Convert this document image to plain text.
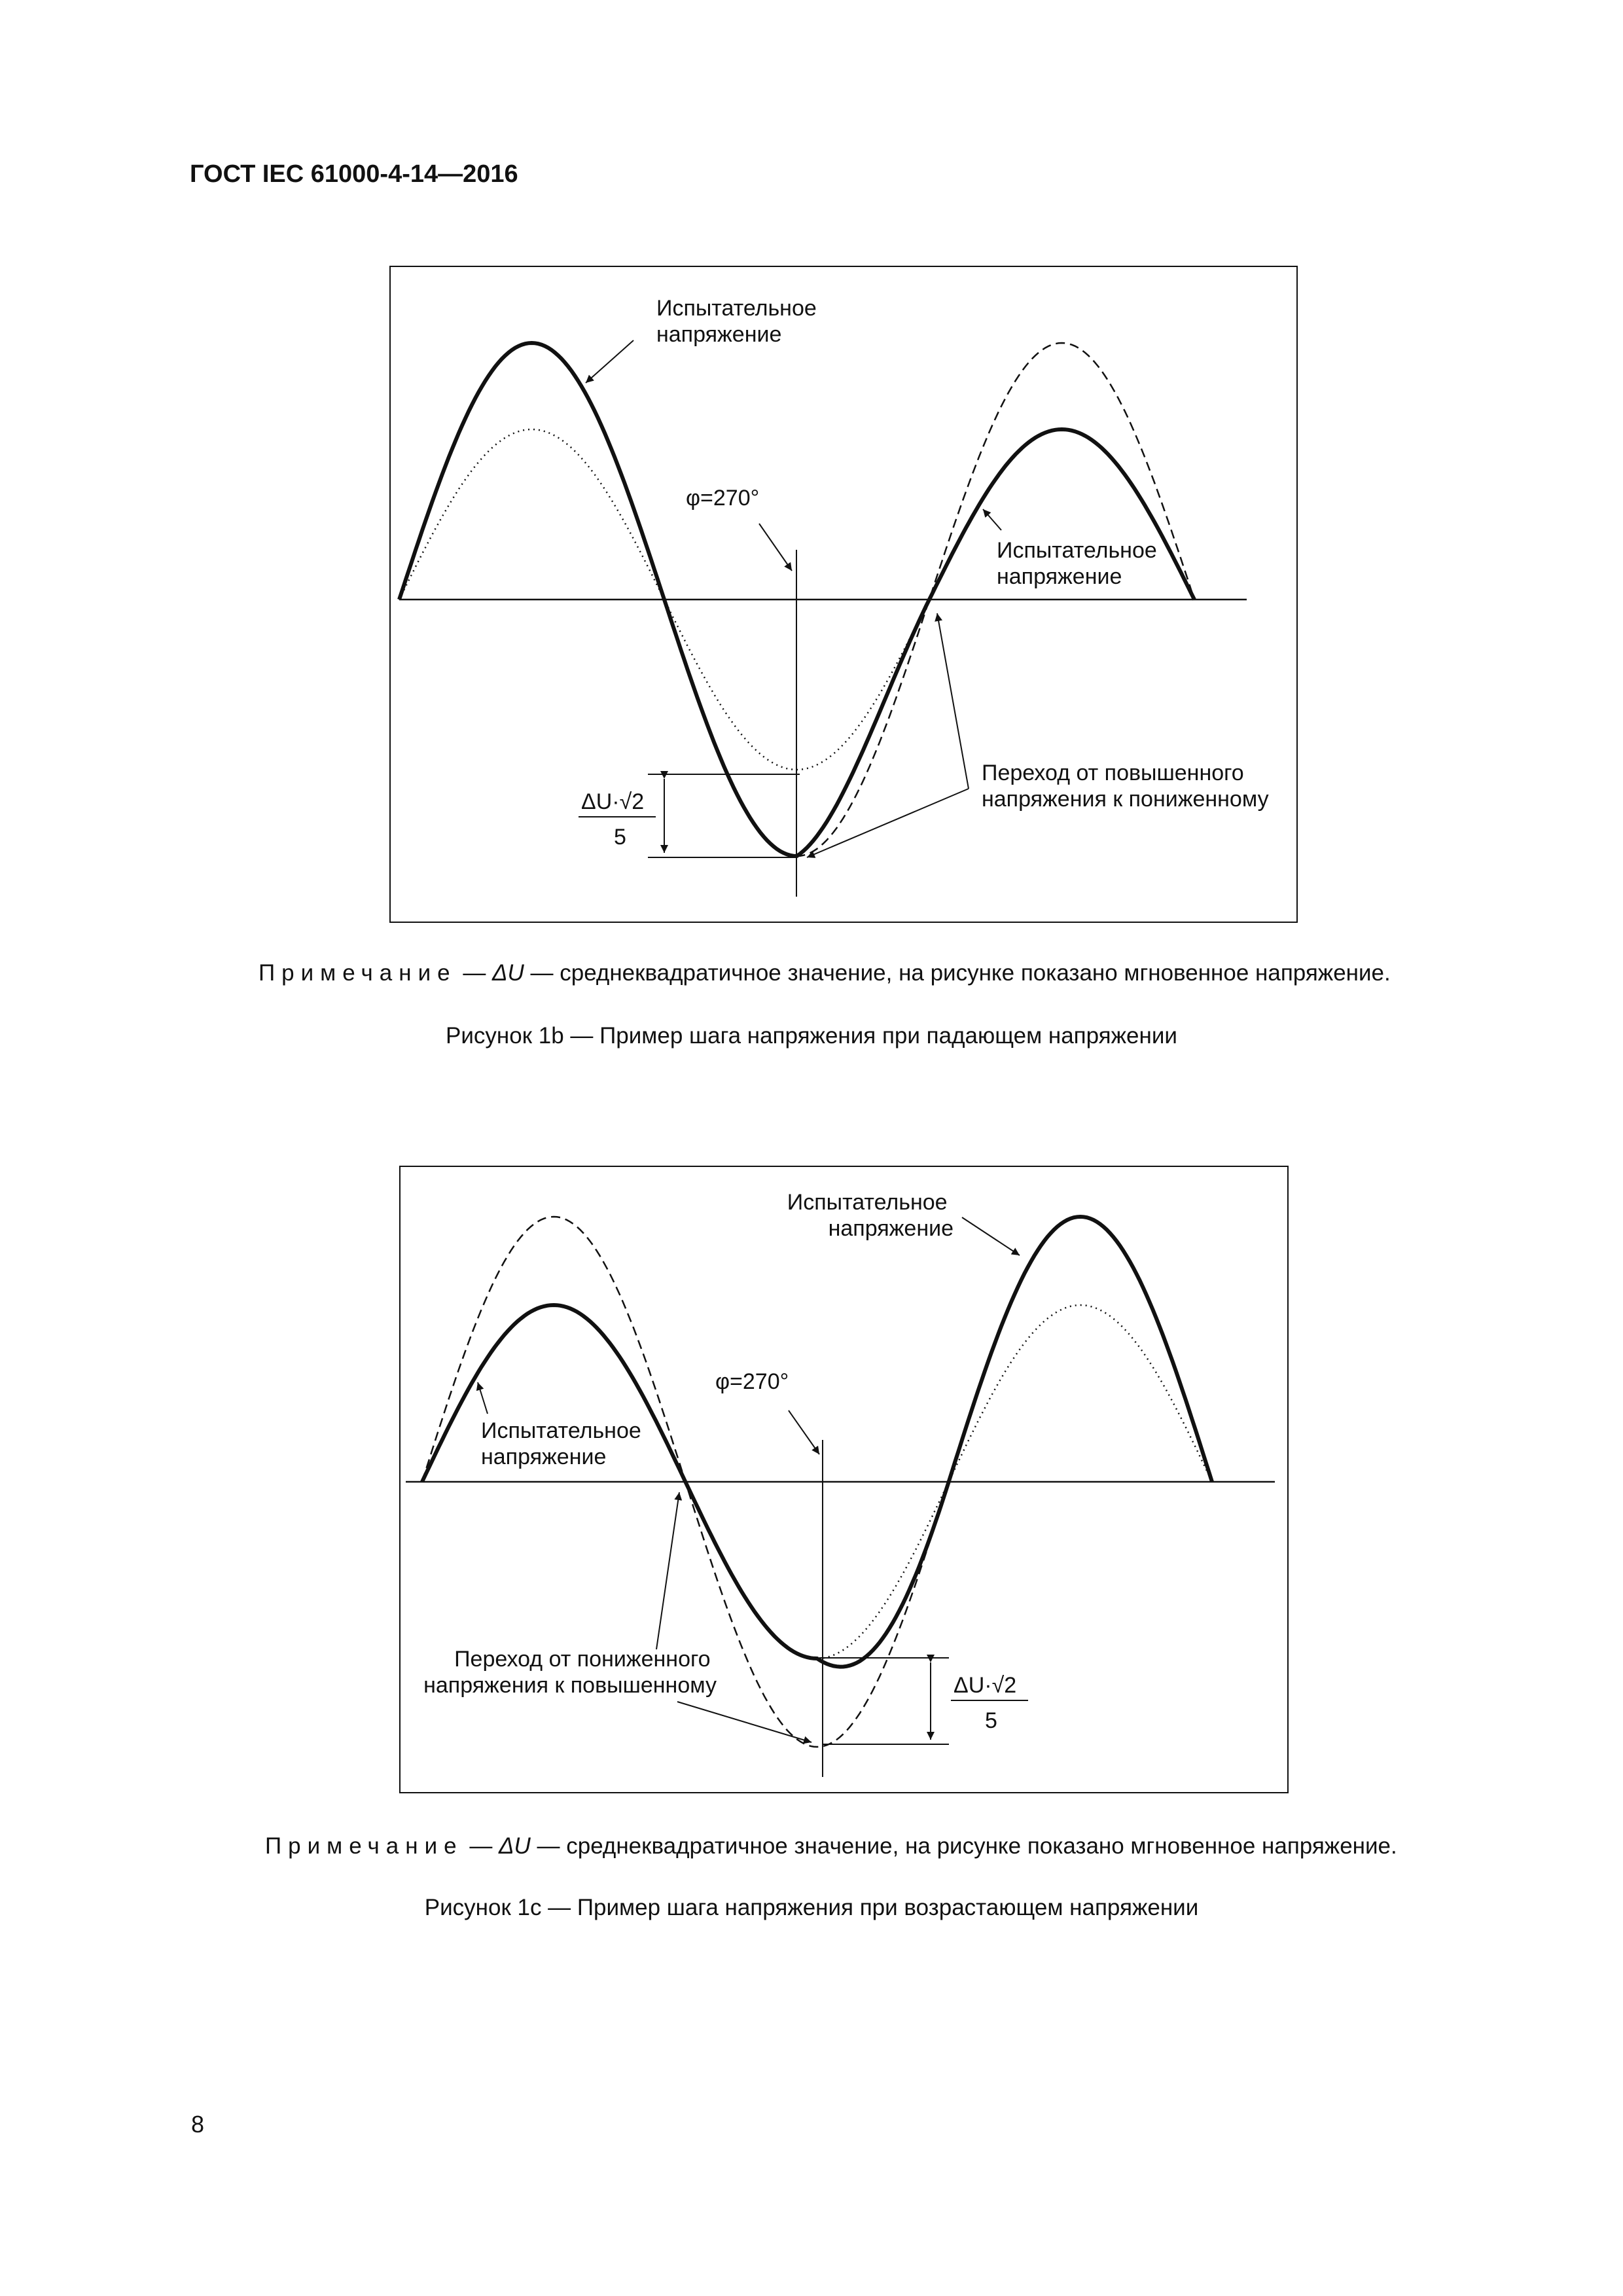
ГОСТ IEC 61000-4-14—2016
Испытательное напряжение
φ=270°
Испытательное напряжение
Переход от повышенного напряжения к пониженному
ΔU·√2
5
Испытательное напряжение
φ=270°
Испытательное напряжение
Переход от пониженного напряжения к повышенному	ΔU·√2
5
Примечание — ΔU — среднеквадратичное значение, на рисунке показано мгновенное напряжение.
Рисунок 1b — Пример шага напряжения при падающем напряжении
Примечание — ΔU — среднеквадратичное значение, на рисунке показано мгновенное напряжение.
Рисунок 1c — Пример шага напряжения при возрастающем напряжении
8
